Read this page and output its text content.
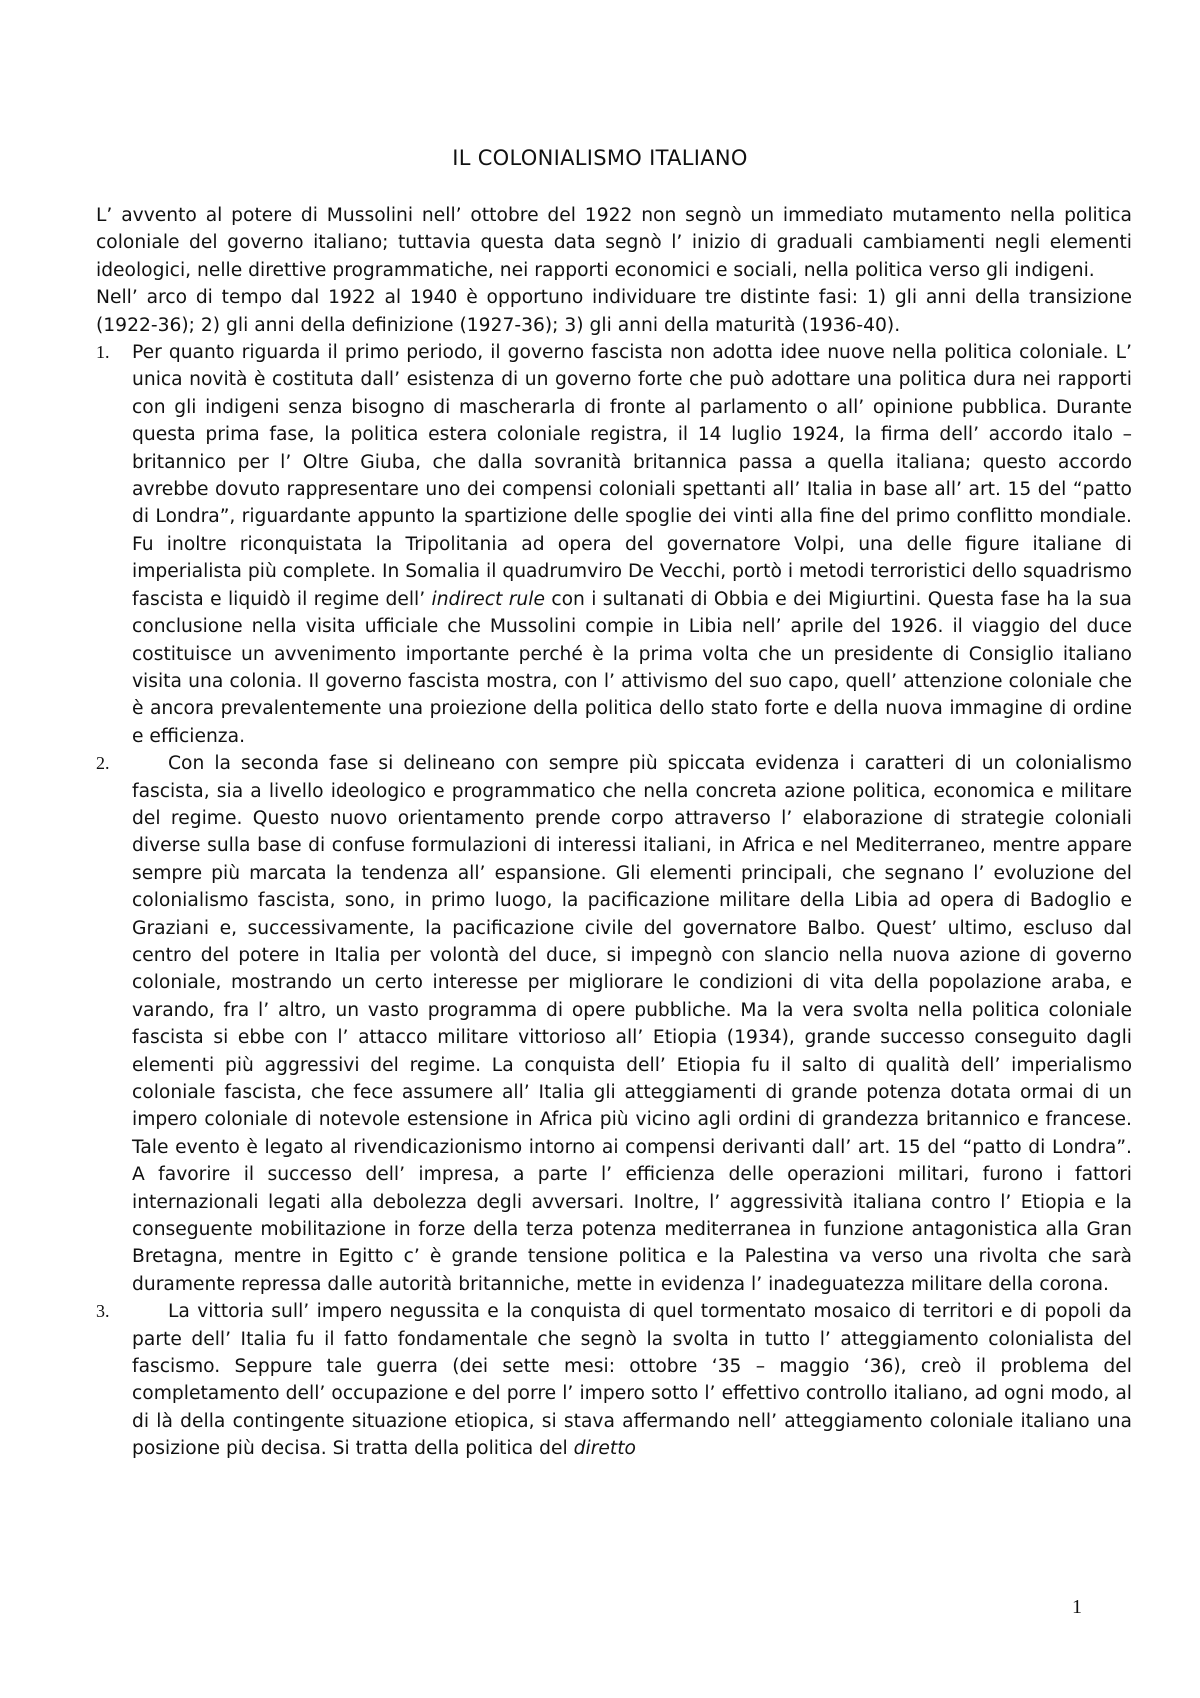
IL COLONIALISMO ITALIANO

L’ avvento al potere di Mussolini nell’ ottobre del 1922 non segnò un immediato mutamento nella politica coloniale del governo italiano; tuttavia questa data segnò l’ inizio di graduali cambiamenti negli elementi ideologici, nelle direttive programmatiche, nei rapporti economici e sociali, nella politica verso gli indigeni.

Nell’ arco di tempo dal 1922 al 1940 è opportuno individuare tre distinte fasi: 1) gli anni della transizione (1922-36); 2) gli anni della definizione (1927-36); 3) gli anni della maturità (1936-40).

1. Per quanto riguarda il primo periodo, il governo fascista non adotta idee nuove nella politica coloniale. L’ unica novità è costituta dall’ esistenza di un governo forte che può adottare una politica dura nei rapporti con gli indigeni senza bisogno di mascherarla di fronte al parlamento o all’ opinione pubblica. Durante questa prima fase, la politica estera coloniale registra, il 14 luglio 1924, la firma dell’ accordo italo – britannico per l’ Oltre Giuba, che dalla sovranità britannica passa a quella italiana; questo accordo avrebbe dovuto rappresentare uno dei compensi coloniali spettanti all’ Italia in base all’ art. 15 del “patto di Londra”, riguardante appunto la spartizione delle spoglie dei vinti alla fine del primo conflitto mondiale. Fu inoltre riconquistata la Tripolitania ad opera del governatore Volpi, una delle figure italiane di imperialista più complete. In Somalia il quadrumviro De Vecchi, portò i metodi terroristici dello squadrismo fascista e liquidò il regime dell’ indirect rule con i sultanati di Obbia e dei Migiurtini. Questa fase ha la sua conclusione nella visita ufficiale che Mussolini compie in Libia nell’ aprile del 1926. il viaggio del duce costituisce un avvenimento importante perché è la prima volta che un presidente di Consiglio italiano visita una colonia. Il governo fascista mostra, con l’ attivismo del suo capo, quell’ attenzione coloniale che è ancora prevalentemente una proiezione della politica dello stato forte e della nuova immagine di ordine e efficienza.
2.	Con la seconda fase si delineano con sempre più spiccata evidenza i caratteri di un colonialismo fascista, sia a livello ideologico e programmatico che nella concreta azione politica, economica e militare del regime. Questo nuovo orientamento prende corpo attraverso l’ elaborazione di strategie coloniali diverse sulla base di confuse formulazioni di interessi italiani, in Africa e nel Mediterraneo, mentre appare sempre più marcata la tendenza all’ espansione. Gli elementi principali, che segnano l’ evoluzione del colonialismo fascista, sono, in primo luogo, la pacificazione militare della Libia ad opera di Badoglio e Graziani e, successivamente, la pacificazione civile del governatore Balbo. Quest’ ultimo, escluso dal centro del potere in Italia per volontà del duce, si impegnò con slancio nella nuova azione di governo coloniale, mostrando un certo interesse per migliorare le condizioni di vita della popolazione araba, e varando, fra l’ altro, un vasto programma di opere pubbliche. Ma la vera svolta nella politica coloniale fascista si ebbe con l’ attacco militare vittorioso all’ Etiopia (1934), grande successo conseguito dagli elementi più aggressivi del regime. La conquista dell’ Etiopia fu il salto di qualità dell’ imperialismo coloniale fascista, che fece assumere all’ Italia gli atteggiamenti di grande potenza dotata ormai di un impero coloniale di notevole estensione in Africa più vicino agli ordini di grandezza britannico e francese. Tale evento è legato al rivendicazionismo intorno ai compensi derivanti dall’ art. 15 del “patto di Londra”. A favorire il successo dell’ impresa, a parte l’ efficienza delle operazioni militari, furono i fattori internazionali legati alla debolezza degli avversari. Inoltre, l’ aggressività italiana contro l’ Etiopia e la conseguente mobilitazione in forze della terza potenza mediterranea in funzione antagonistica alla Gran Bretagna, mentre in Egitto c’ è grande tensione politica e la Palestina va verso una rivolta che sarà duramente repressa dalle autorità britanniche, mette in evidenza l’ inadeguatezza militare della corona.
3.	La vittoria sull’ impero negussita e la conquista di quel tormentato mosaico di territori e di popoli da parte dell’ Italia fu il fatto fondamentale che segnò la svolta in tutto l’ atteggiamento colonialista del fascismo. Seppure tale guerra (dei sette mesi: ottobre ‘35 – maggio ‘36), creò il problema del completamento dell’ occupazione e del porre l’ impero sotto l’ effettivo controllo italiano, ad ogni modo, al di là della contingente situazione etiopica, si stava affermando nell’ atteggiamento coloniale italiano una posizione più decisa. Si tratta della politica del diretto
1
